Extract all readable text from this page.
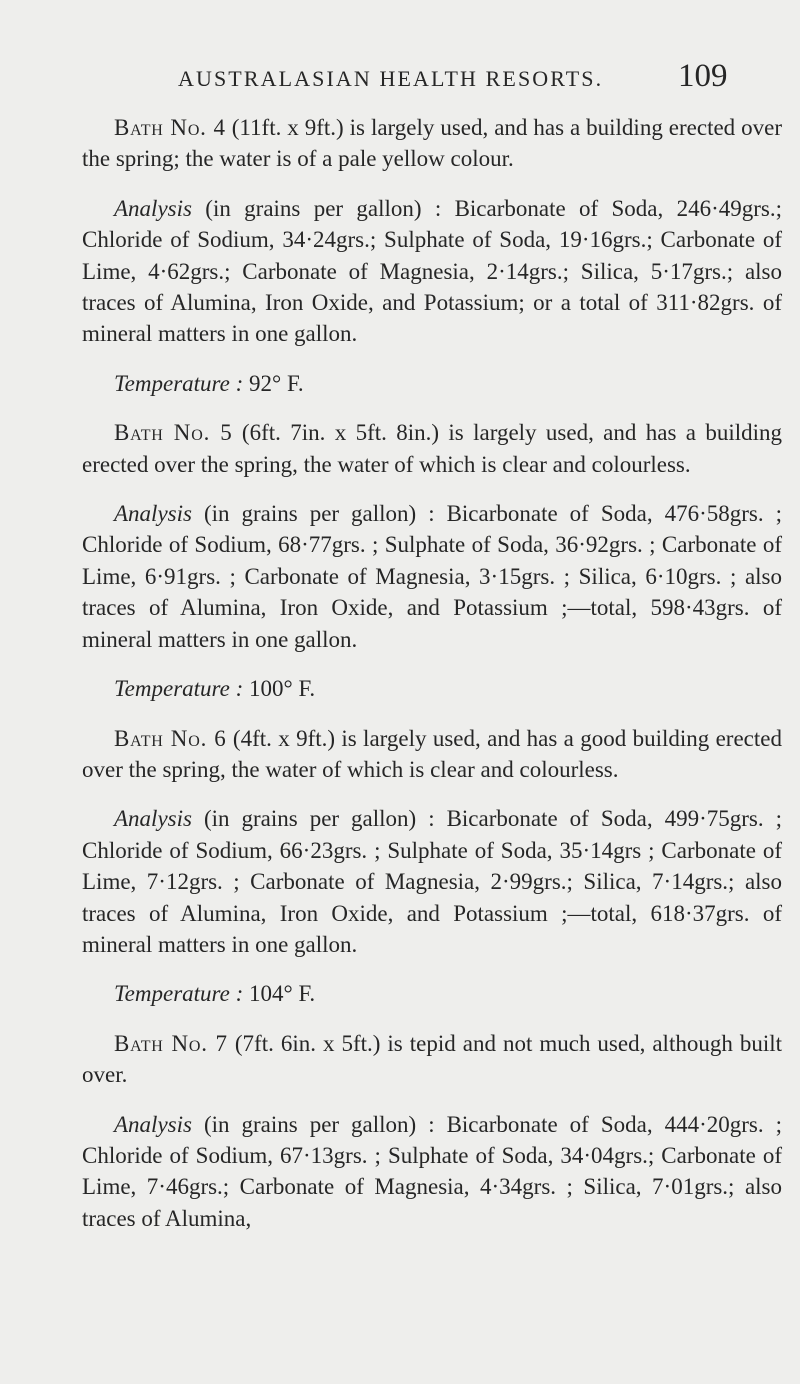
AUSTRALASIAN HEALTH RESORTS. 109

Bath No. 4 (11ft. x 9ft.) is largely used, and has a building erected over the spring; the water is of a pale yellow colour.

Analysis (in grains per gallon) : Bicarbonate of Soda, 246·49grs.; Chloride of Sodium, 34·24grs.; Sulphate of Soda, 19·16grs.; Carbonate of Lime, 4·62grs.; Carbonate of Magnesia, 2·14grs.; Silica, 5·17grs.; also traces of Alumina, Iron Oxide, and Potassium; or a total of 311·82grs. of mineral matters in one gallon.

Temperature : 92° F.

Bath No. 5 (6ft. 7in. x 5ft. 8in.) is largely used, and has a building erected over the spring, the water of which is clear and colourless.

Analysis (in grains per gallon) : Bicarbonate of Soda, 476·58grs. ; Chloride of Sodium, 68·77grs. ; Sulphate of Soda, 36·92grs. ; Carbonate of Lime, 6·91grs. ; Carbonate of Magnesia, 3·15grs. ; Silica, 6·10grs. ; also traces of Alumina, Iron Oxide, and Potassium ;—total, 598·43grs. of mineral matters in one gallon.

Temperature : 100° F.

Bath No. 6 (4ft. x 9ft.) is largely used, and has a good building erected over the spring, the water of which is clear and colourless.

Analysis (in grains per gallon) : Bicarbonate of Soda, 499·75grs. ; Chloride of Sodium, 66·23grs. ; Sulphate of Soda, 35·14grs ; Carbonate of Lime, 7·12grs. ; Carbonate of Magnesia, 2·99grs.; Silica, 7·14grs.; also traces of Alumina, Iron Oxide, and Potassium ;—total, 618·37grs. of mineral matters in one gallon.

Temperature : 104° F.

Bath No. 7 (7ft. 6in. x 5ft.) is tepid and not much used, although built over.

Analysis (in grains per gallon) : Bicarbonate of Soda, 444·20grs. ; Chloride of Sodium, 67·13grs. ; Sulphate of Soda, 34·04grs.; Carbonate of Lime, 7·46grs.; Carbonate of Magnesia, 4·34grs. ; Silica, 7·01grs.; also traces of Alumina,
